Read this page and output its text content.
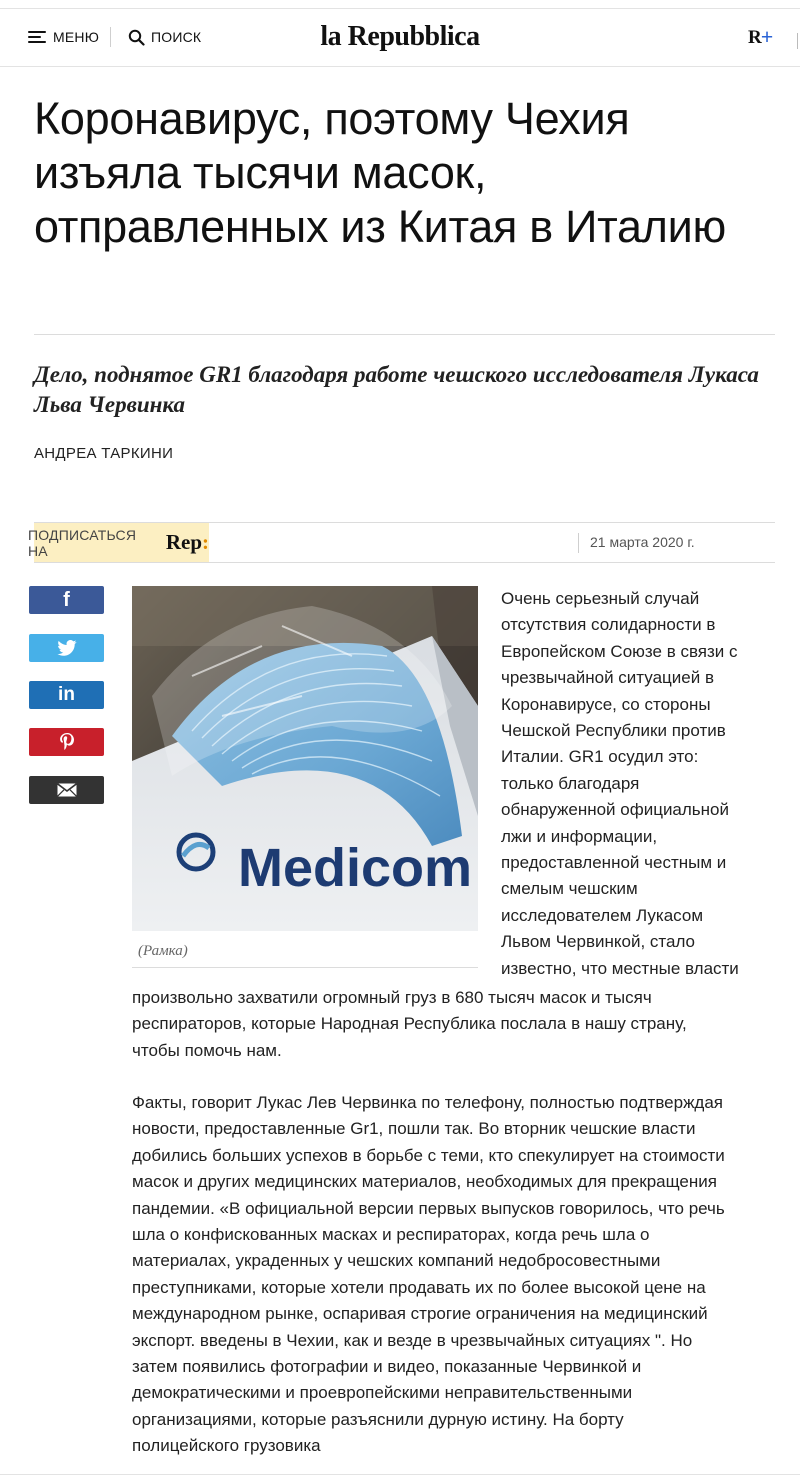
МЕНЮ	ПОИСК	la Repubblica	R+
Коронавирус, поэтому Чехия изъяла тысячи масок, отправленных из Китая в Италию
Дело, поднятое GR1 благодаря работе чешского исследователя Лукаса Льва Червинка
АНДРЕА ТАРКИНИ
ПОДПИСАТЬСЯ НА	Rep:	21 марта 2020 г.
f
in
Medicom
(Рамка)
Очень серьезный случай
отсутствия солидарности в
Европейском Союзе в связи с
чрезвычайной ситуацией в
Коронавирусе, со стороны
Чешской Республики против
Италии. GR1 осудил это:
только благодаря
обнаруженной официальной
лжи и информации,
предоставленной честным и
смелым чешским
исследователем Лукасом
Львом Червинкой, стало
известно, что местные власти
произвольно захватили огромный груз в 680 тысяч масок и тысяч
респираторов, которые Народная Республика послала в нашу страну,
чтобы помочь нам.
Факты, говорит Лукас Лев Червинка по телефону, полностью подтверждая
новости, предоставленные Gr1, пошли так. Во вторник чешские власти
добились больших успехов в борьбе с теми, кто спекулирует на стоимости
масок и других медицинских материалов, необходимых для прекращения
пандемии. «В официальной версии первых выпусков говорилось, что речь
шла о конфискованных масках и респираторах, когда речь шла о
материалах, украденных у чешских компаний недобросовестными
преступниками, которые хотели продавать их по более высокой цене на
международном рынке, оспаривая строгие ограничения на медицинский
экспорт. введены в Чехии, как и везде в чрезвычайных ситуациях ". Но
затем появились фотографии и видео, показанные Червинкой и
демократическими и проевропейскими неправительственными
организациями, которые разъяснили дурную истину. На борту
полицейского грузовика
